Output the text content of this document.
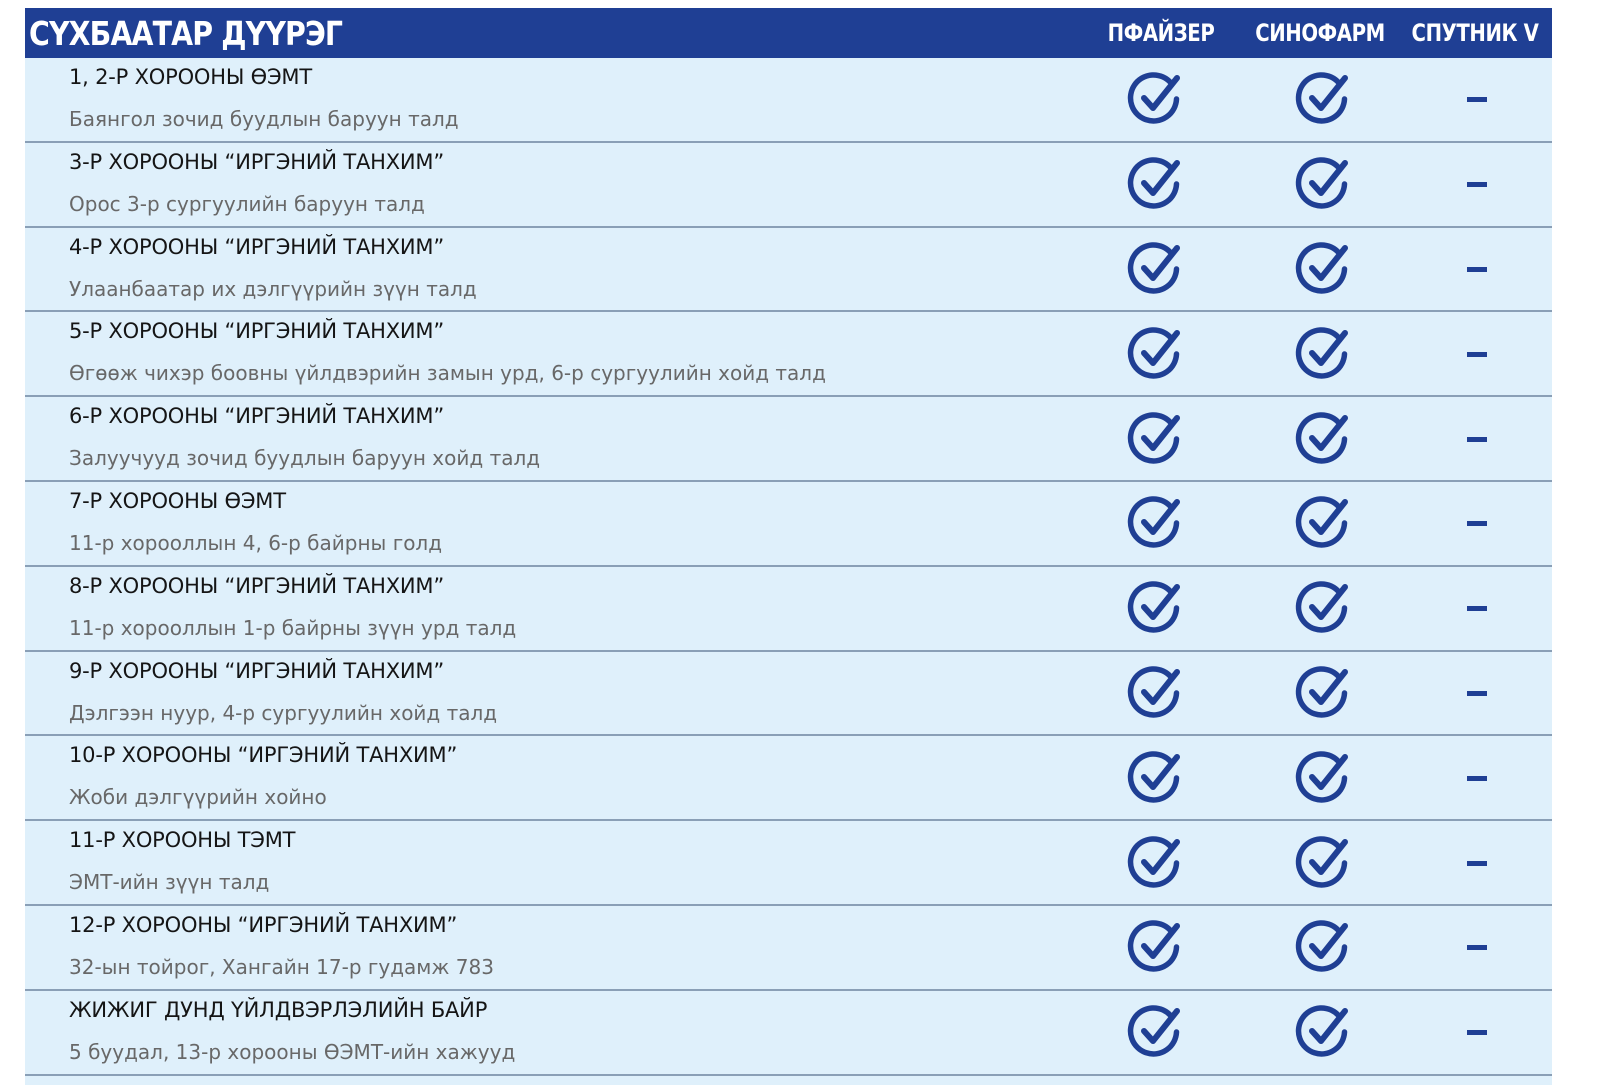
СҮХБААТАР ДҮҮРЭГ	ПФАЙЗЕР СИНОФАРМ СПУТНИК V
1, 2-Р ХОРООНЫ ӨЭМТ
Баянгол зочид буудлын баруун талд
3-Р ХОРООНЫ “ИРГЭНИЙ ТАНХИМ”
Орос 3-р сургуулийн баруун талд
4-Р ХОРООНЫ “ИРГЭНИЙ ТАНХИМ”
Улаанбаатар их дэлгүүрийн зүүн талд
5-Р ХОРООНЫ “ИРГЭНИЙ ТАНХИМ”
Өгөөж чихэр боовны үйлдвэрийн замын урд, 6-р сургуулийн хойд талд
6-Р ХОРООНЫ “ИРГЭНИЙ ТАНХИМ”
Залуучууд зочид буудлын баруун хойд талд
7-Р ХОРООНЫ ӨЭМТ
11-р хорооллын 4, 6-р байрны голд
8-Р ХОРООНЫ “ИРГЭНИЙ ТАНХИМ”
11-р хорооллын 1-р байрны зүүн урд талд
9-Р ХОРООНЫ “ИРГЭНИЙ ТАНХИМ”
Дэлгээн нуур, 4-р сургуулийн хойд талд
10-Р ХОРООНЫ “ИРГЭНИЙ ТАНХИМ”
Жоби дэлгүүрийн хойно
11-Р ХОРООНЫ ТЭМТ
ЭМТ-ийн зүүн талд
12-Р ХОРООНЫ “ИРГЭНИЙ ТАНХИМ”
32-ын тойрог, Хангайн 17-р гудамж 783
ЖИЖИГ ДУНД ҮЙЛДВЭРЛЭЛИЙН БАЙР
5 буудал, 13-р хорооны ӨЭМТ-ийн хажууд
